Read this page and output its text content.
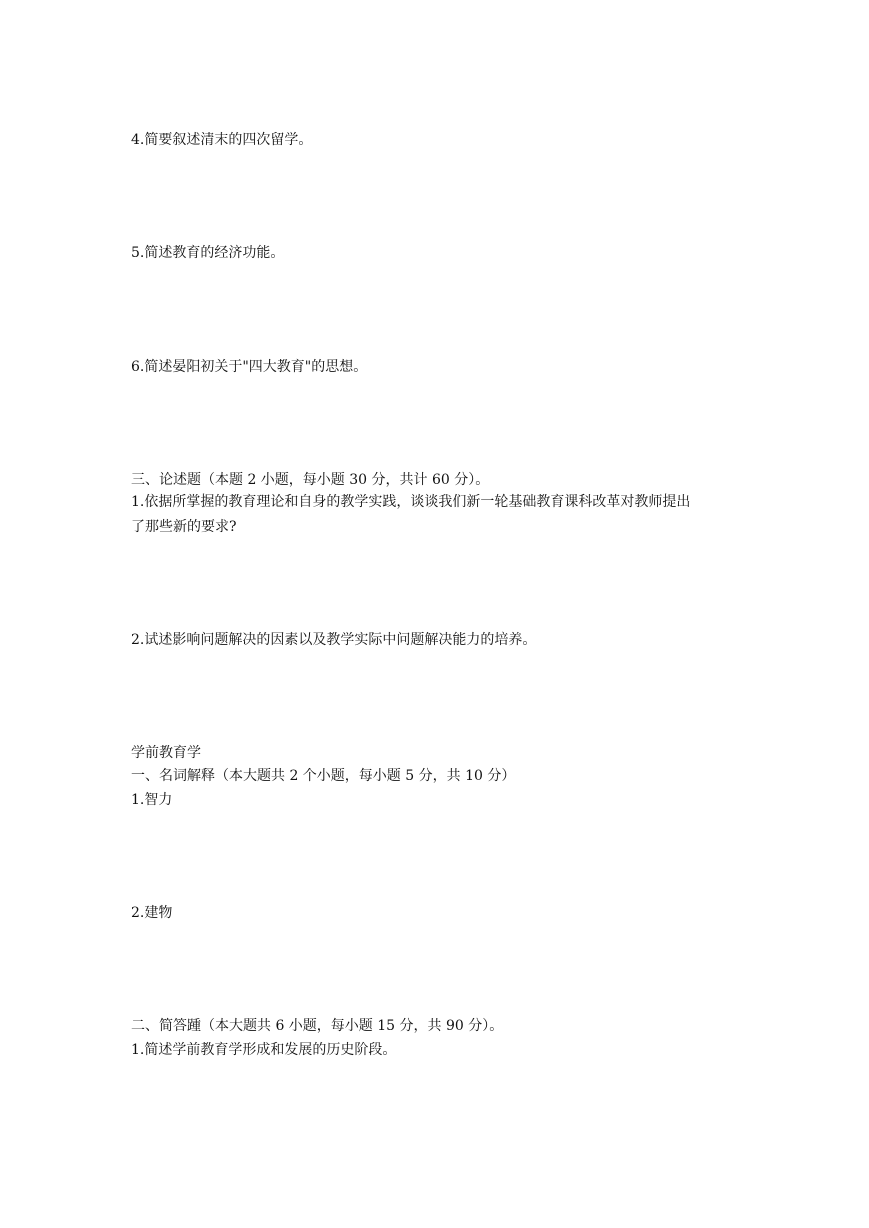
4.简要叙述清末的四次留学。
5.简述教育的经济功能。
6.简述晏阳初关于"四大教育"的思想。
三、论述题（本题 2 小题，每小题 30 分，共计 60 分）。
1.依据所掌握的教育理论和自身的教学实践，谈谈我们新一轮基础教育课科改革对教师提出
了那些新的要求?
2.试述影响问题解决的因素以及教学实际中问题解决能力的培养。
学前教育学
一、名词解释（本大题共 2 个小题，每小题 5 分，共 10 分）
1.智力
2.建物
二、简答踵（本大题共 6 小题，每小题 15 分，共 90 分）。
1.简述学前教育学形成和发展的历史阶段。
